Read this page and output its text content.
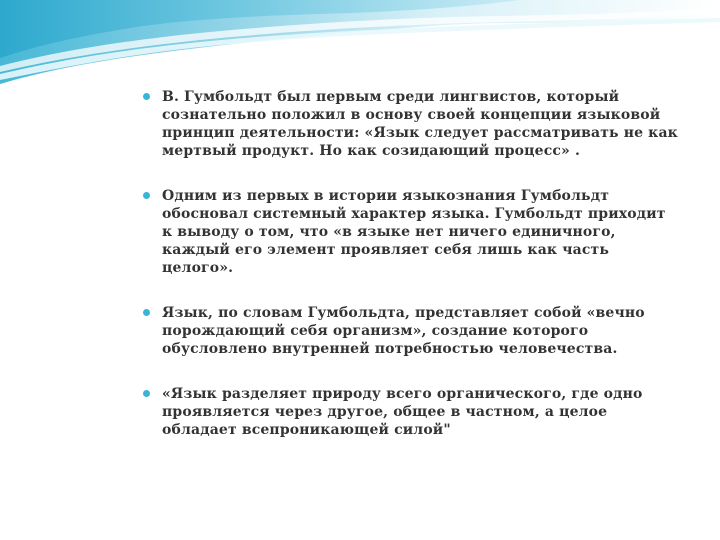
В. Гумбольдт был первым среди лингвистов, который сознательно положил в основу своей концепции языковой принцип деятельности: «Язык следует рассматривать не как мертвый продукт. Но как созидающий процесс» .
Одним из первых в истории языкознания Гумбольдт обосновал системный характер языка. Гумбольдт приходит к выводу о том, что «в языке нет ничего единичного, каждый его элемент проявляет себя лишь как часть целого».
Язык, по словам Гумбольдта, представляет собой «вечно порождающий себя организм», создание которого обусловлено внутренней потребностью человечества.
«Язык разделяет природу всего органического, где одно проявляется через другое, общее в частном, а целое обладает всепроникающей силой"
